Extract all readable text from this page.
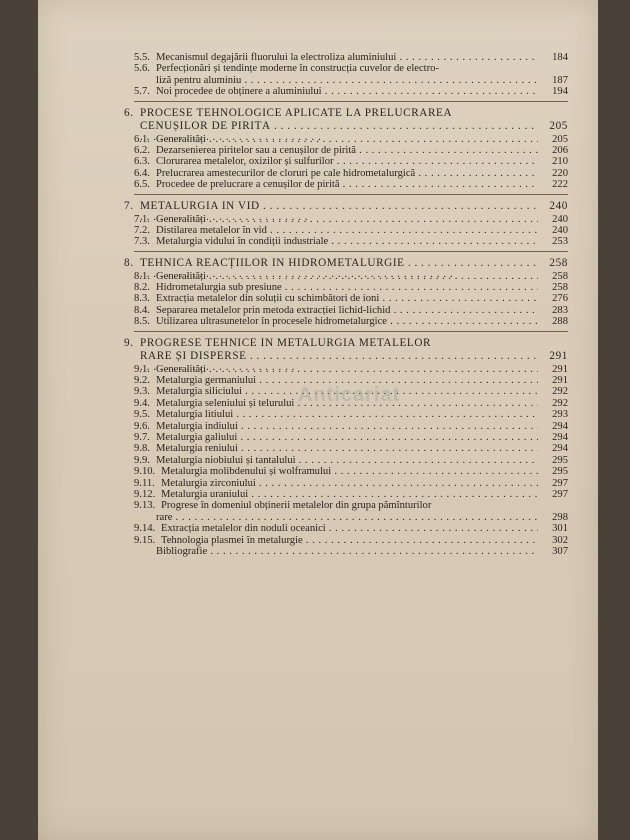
5.5. Mecanismul degajării fluorului la electroliza aluminiului . . .	184
5.6. Perfecționări și tendințe moderne în construcția cuvelor de electro-
liză pentru aluminiu . . .	187
5.7. Noi procedee de obținere a aluminiului . . .	194
6. PROCESE TEHNOLOGICE APLICATE LA PRELUCRAREA
CENUȘILOR DE PIRITĂ . . .	205
6.1. Generalități . . .	205
6.2. Dezarsenierea piritelor sau a cenușilor de pirită . . .	206
6.3. Clorurarea metalelor, oxizilor și sulfurilor . . .	210
6.4. Prelucrarea amestecurilor de cloruri pe cale hidrometalurgică . . .	220
6.5. Procedee de prelucrare a cenușilor de pirită . . .	222
7. METALURGIA ÎN VID . . .	240
7.1. Generalități . . .	240
7.2. Distilarea metalelor în vid . . .	240
7.3. Metalurgia vidului în condiții industriale . . .	253
8. TEHNICA REACȚIILOR ÎN HIDROMETALURGIE . . .	258
8.1. Generalități . . .	258
8.2. Hidrometalurgia sub presiune . . .	258
8.3. Extracția metalelor din soluții cu schimbători de ioni . . .	276
8.4. Separarea metalelor prin metoda extracției lichid-lichid . . .	283
8.5. Utilizarea ultrasunetelor în procesele hidrometalurgice . . .	288
9. PROGRESE TEHNICE ÎN METALURGIA METALELOR
RARE ȘI DISPERSE . . .	291
9.1. Generalități . . .	291
9.2. Metalurgia germaniului . . .	291
9.3. Metalurgia siliciului . . .	292
9.4. Metalurgia seleniului și telurului . . .	292
9.5. Metalurgia litiului . . .	293
9.6. Metalurgia indiului . . .	294
9.7. Metalurgia galiului . . .	294
9.8. Metalurgia reniului . . .	294
9.9. Metalurgia niobiului și tantalului . . .	295
9.10. Metalurgia molibdenului și wolframului . . .	295
9.11. Metalurgia zirconiului . . .	297
9.12. Metalurgia uraniului . . .	297
9.13. Progrese în domeniul obținerii metalelor din grupa pămînturilor
rare . . .	298
9.14. Extracția metalelor din noduli oceanici . . .	301
9.15. Tehnologia plasmei în metalurgie . . .	302
Bibliografie . . .	307
Anticariat
